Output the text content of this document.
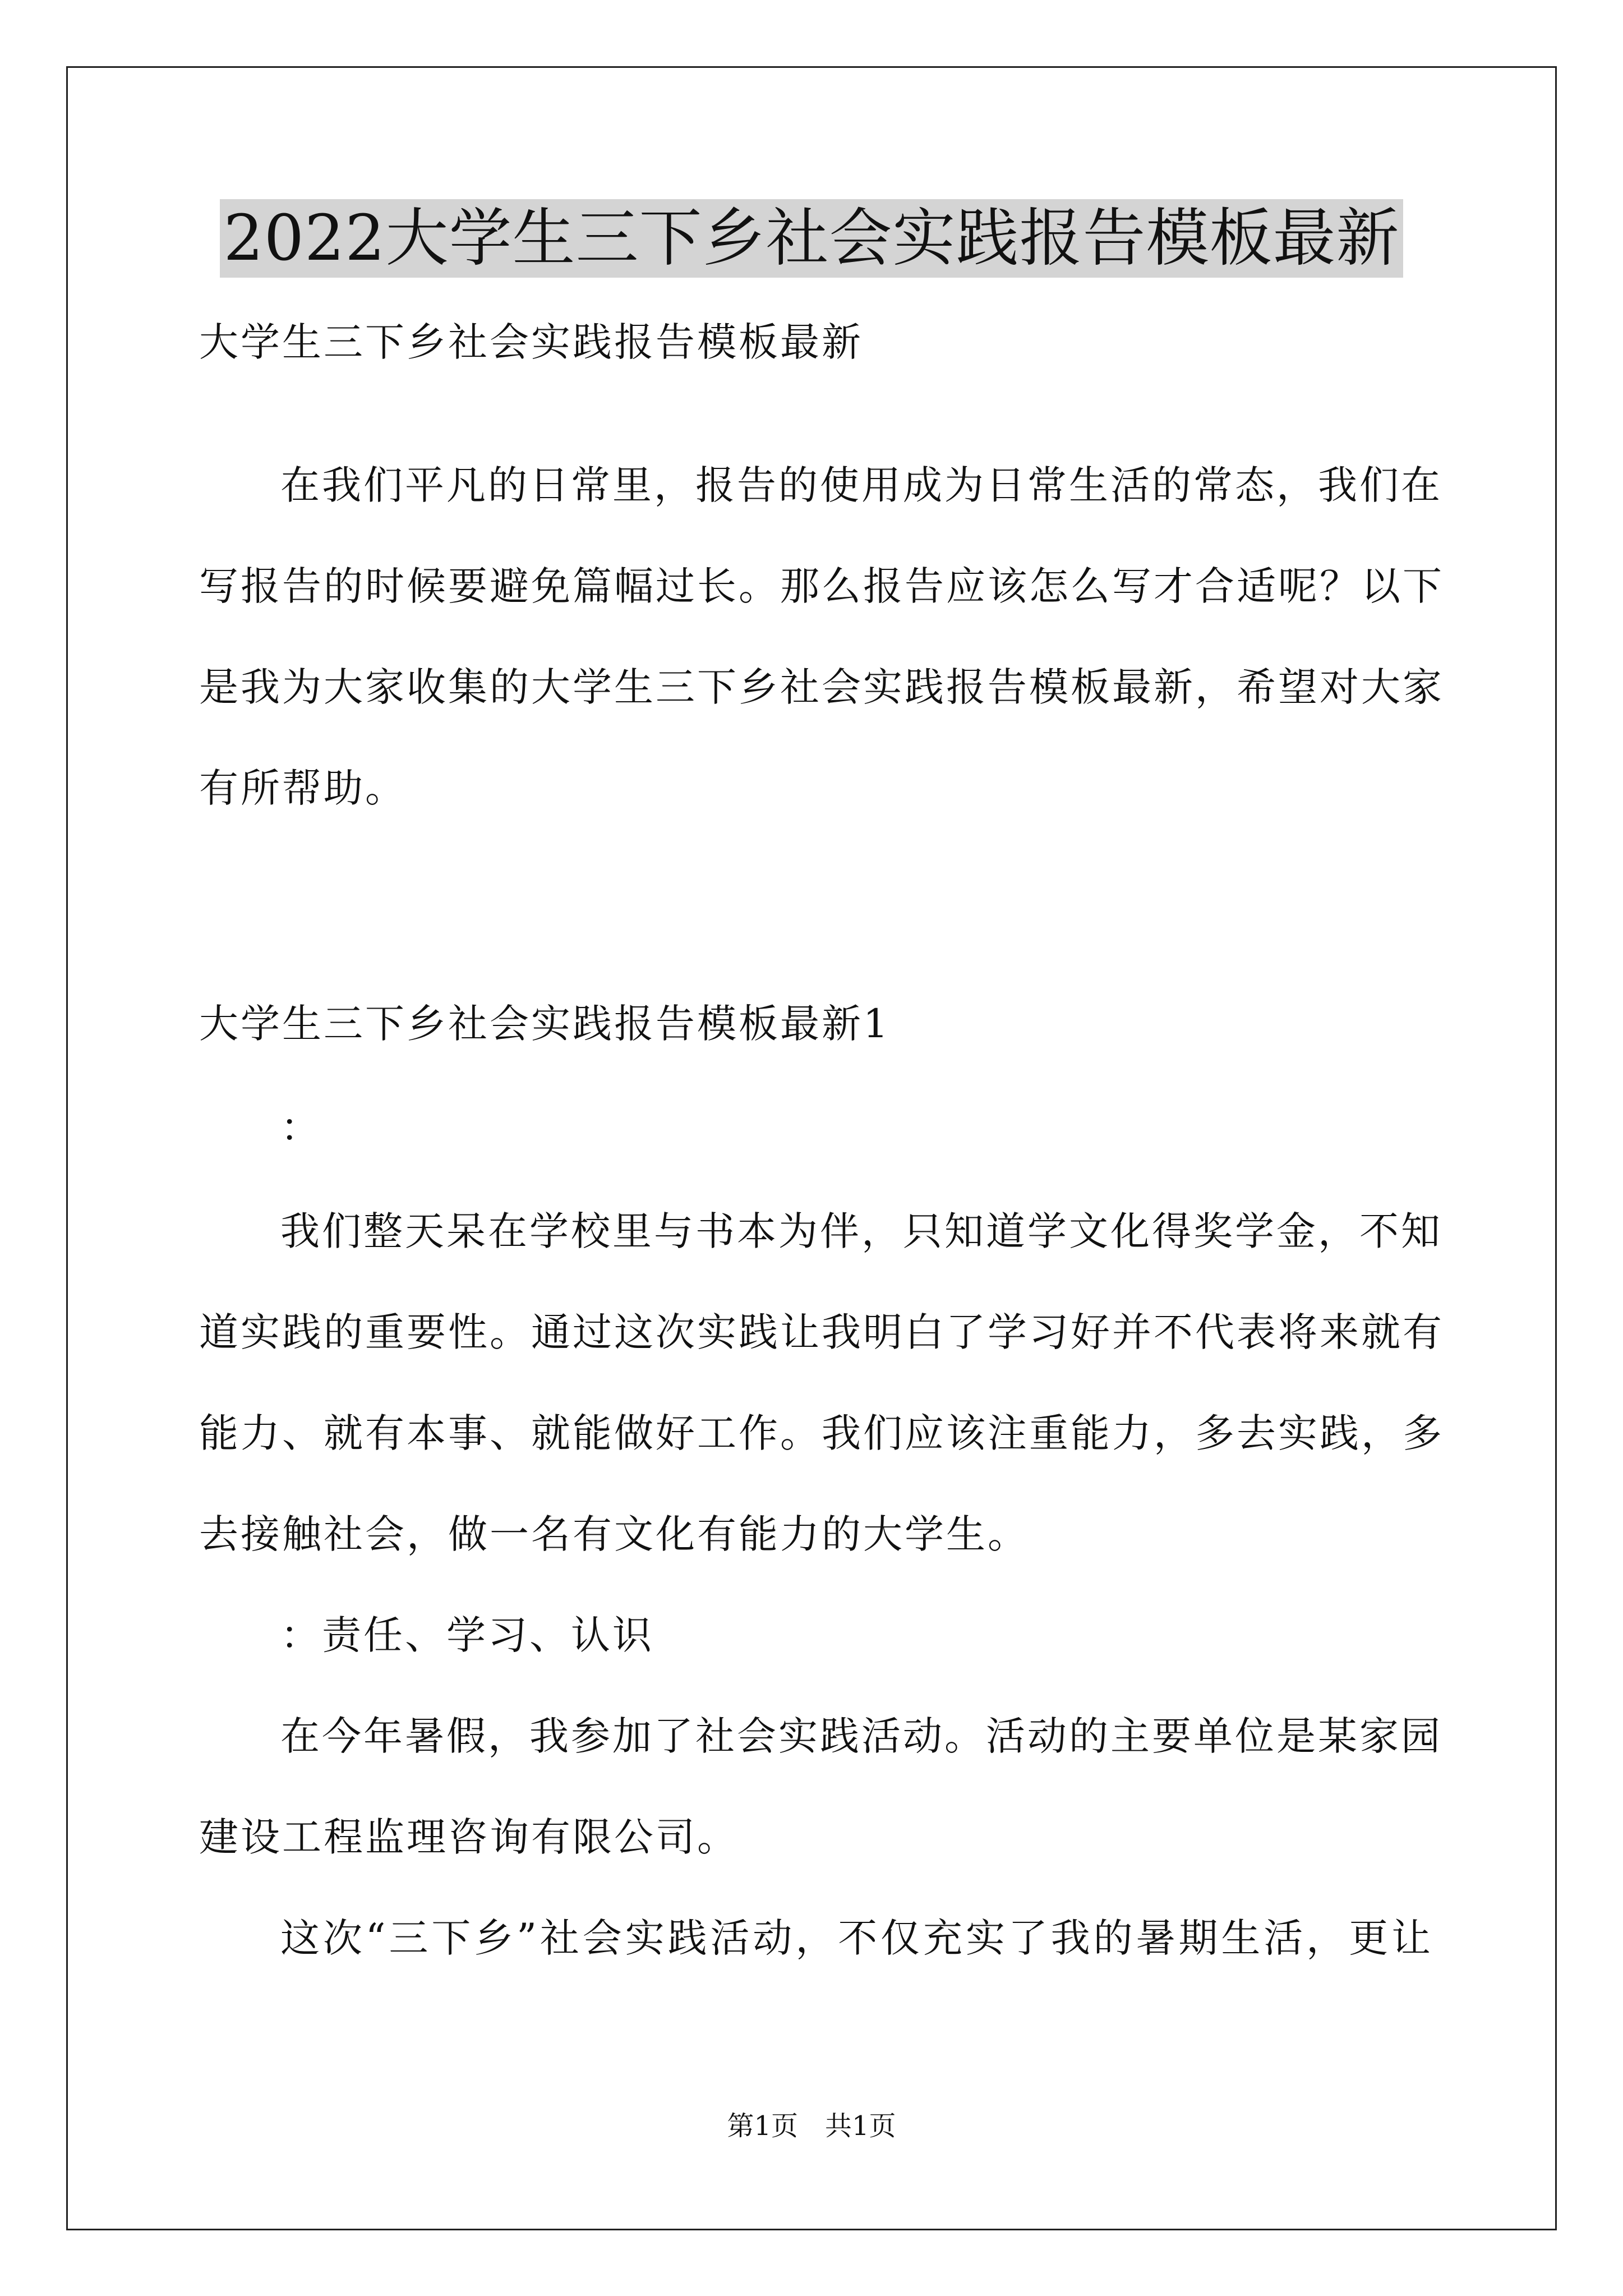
2022大学生三下乡社会实践报告模板最新
大学生三下乡社会实践报告模板最新
在我们平凡的日常里，报告的使用成为日常生活的常态，我们在
写报告的时候要避免篇幅过长。那么报告应该怎么写才合适呢？以下
是我为大家收集的大学生三下乡社会实践报告模板最新，希望对大家
有所帮助。
大学生三下乡社会实践报告模板最新1
：
我们整天呆在学校里与书本为伴，只知道学文化得奖学金，不知
道实践的重要性。通过这次实践让我明白了学习好并不代表将来就有
能力、就有本事、就能做好工作。我们应该注重能力，多去实践，多
去接触社会，做一名有文化有能力的大学生。
：责任、学习、认识
在今年暑假，我参加了社会实践活动。活动的主要单位是某家园
建设工程监理咨询有限公司。
这次“三下乡”社会实践活动，不仅充实了我的暑期生活，更让
第1页 共1页
